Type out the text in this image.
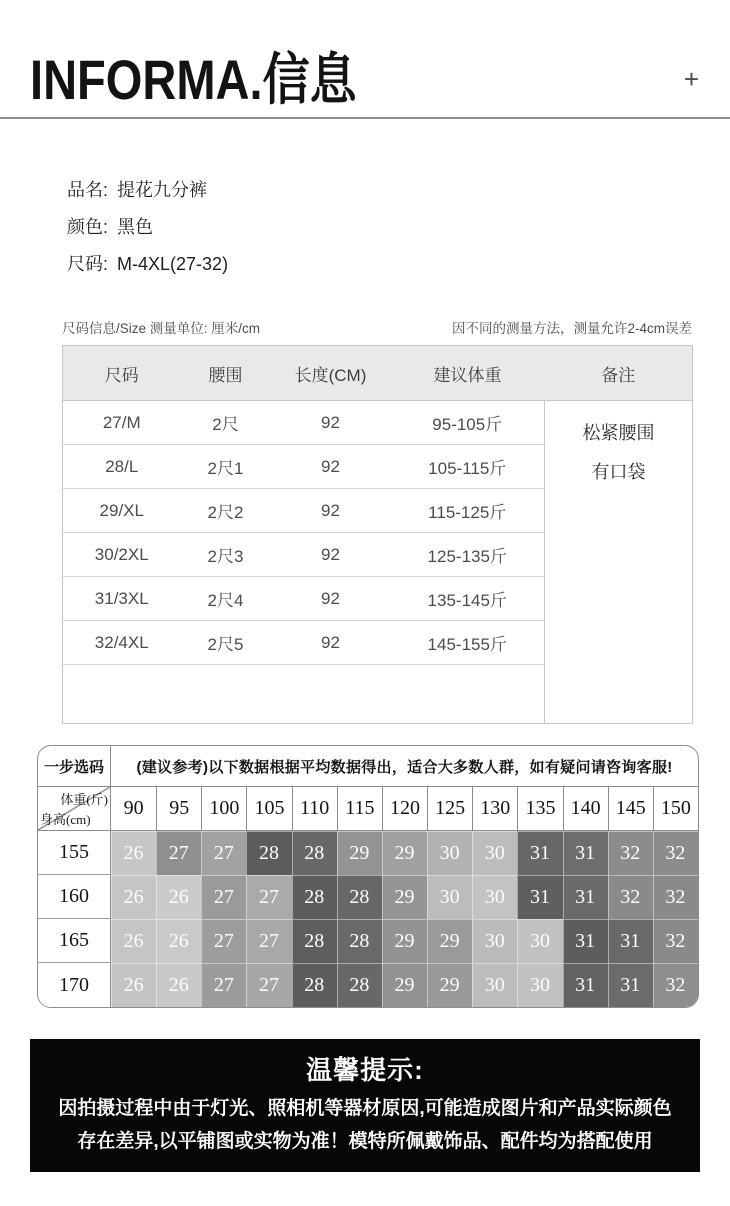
INFORMA.信息	+
品名: 提花九分裤
颜色: 黑色
尺码: M-4XL(27-32)
尺码信息/Size 测量单位: 厘米/cm	因不同的测量方法，测量允许2-4cm误差
尺码	腰围	长度(CM)	建议体重	备注
27/M	2尺	92	95-105斤	松紧腰围
有口袋

28/L	2尺1	92	105-115斤	
29/XL	2尺2	92	115-125斤	
30/2XL	2尺3	92	125-135斤	
31/3XL	2尺4	92	135-145斤	
32/4XL	2尺5	92	145-155斤	

一步选码	(建议参考)以下数据根据平均数据得出，适合大多数人群，如有疑问请咨询客服!
体重(斤)
身高(cm)
90	95	100 105 110 115 120 125 130 135 140 145 150
155	26	27	27	28	28	29	29	30	30	31	31	32	32
160	26	26	27	27	28	28	29	30	30	31	31	32	32
165	26	26	27	27	28	28	29	29	30	30	31	31	32
170	26	26	27	27	28	28	29	29	30	30	31	31	32
温馨提示:
因拍摄过程中由于灯光、照相机等器材原因,可能造成图片和产品实际颜色
存在差异,以平铺图或实物为准！模特所佩戴饰品、配件均为搭配使用
